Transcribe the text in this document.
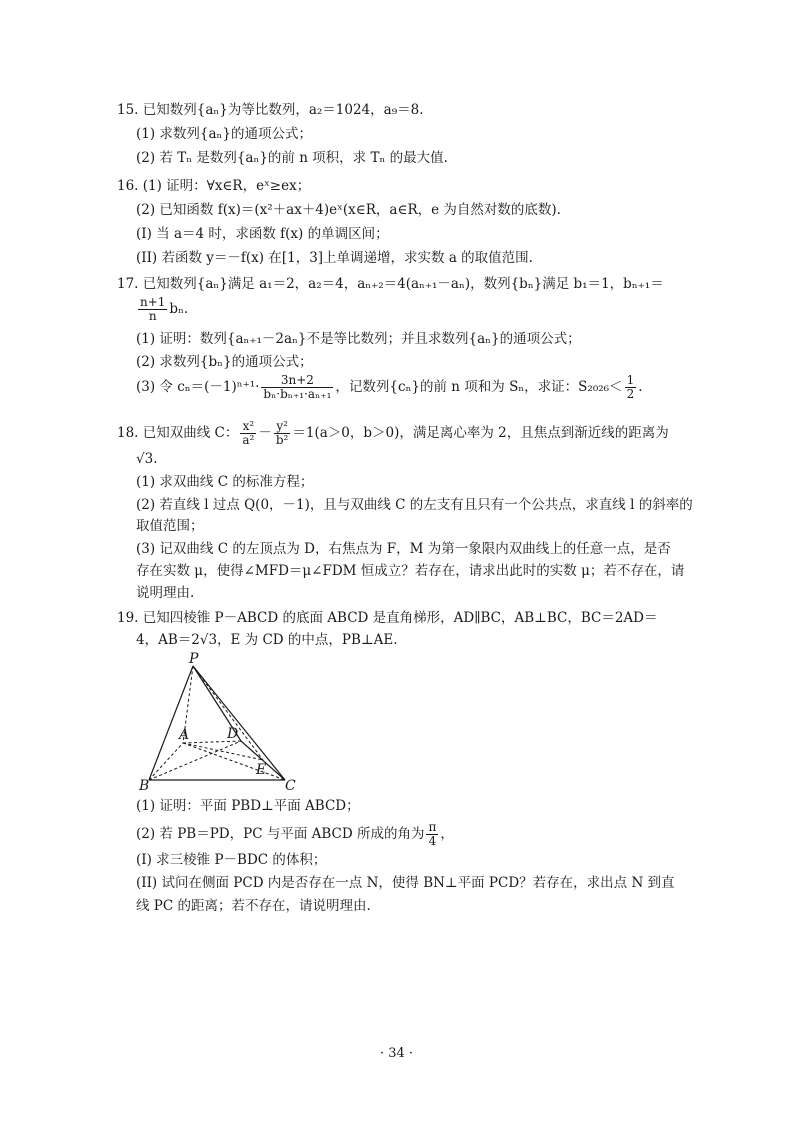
15. 已知数列{aₙ}为等比数列，a₂＝1024，a₉＝8.
(1) 求数列{aₙ}的通项公式；
(2) 若 Tₙ 是数列{aₙ}的前 n 项积，求 Tₙ 的最大值.
16. (1) 证明：∀x∈R，eˣ≥ex；
(2) 已知函数 f(x)＝(x²＋ax＋4)eˣ(x∈R，a∈R，e 为自然对数的底数).
(I) 当 a＝4 时，求函数 f(x) 的单调区间；
(II) 若函数 y＝－f(x) 在[1，3]上单调递增，求实数 a 的取值范围.
17. 已知数列{aₙ}满足 a₁＝2，a₂＝4，aₙ₊₂＝4(aₙ₊₁－aₙ)，数列{bₙ}满足 b₁＝1，bₙ₊₁＝
$\frac{n+1}{n} b_n$.
(1) 证明：数列{aₙ₊₁－2aₙ}不是等比数列；并且求数列{aₙ}的通项公式；
(2) 求数列{bₙ}的通项公式；
(3) 令 $c_n=(-1)^{n+1}\cdot \frac{3n+2}{\text{bₙ·bₙ₊₁·aₙ₊₁}}$ ，记数列{cₙ}的前 n 项和为 Sₙ，求证：$S_{2026}< \frac{1}{2}$ .
18. 已知双曲线 C： $\frac{\text{x²}}{\text{a²}} - \frac{\text{y²}}{\text{b²}} =1(a>0$，b＞0)，满足离心率为 2，且焦点到渐近线的距离为
√3.
(1) 求双曲线 C 的标准方程；
(2) 若直线 l 过点 Q(0，－1)，且与双曲线 C 的左支有且只有一个公共点，求直线 l 的斜率的
取值范围；
(3) 记双曲线 C 的左顶点为 D，右焦点为 F，M 为第一象限内双曲线上的任意一点，是否
存在实数 μ，使得∠MFD＝μ∠FDM 恒成立？若存在，请求出此时的实数 μ；若不存在，请
说明理由.
19. 已知四棱锥 P－ABCD 的底面 ABCD 是直角梯形，AD∥BC，AB⊥BC，BC＝2AD＝
4，AB＝2√3，E 为 CD 的中点，PB⊥AE.
P
A	D
E
B	C
(1) 证明：平面 PBD⊥平面 ABCD；
(2) 若 PB＝PD，PC 与平面 ABCD 所成的角为 $\frac{\pi}{4}$ ，
(I) 求三棱锥 P－BDC 的体积；
(II) 试问在侧面 PCD 内是否存在一点 N，使得 BN⊥平面 PCD？若存在，求出点 N 到直
线 PC 的距离；若不存在，请说明理由.
· 34 ·
